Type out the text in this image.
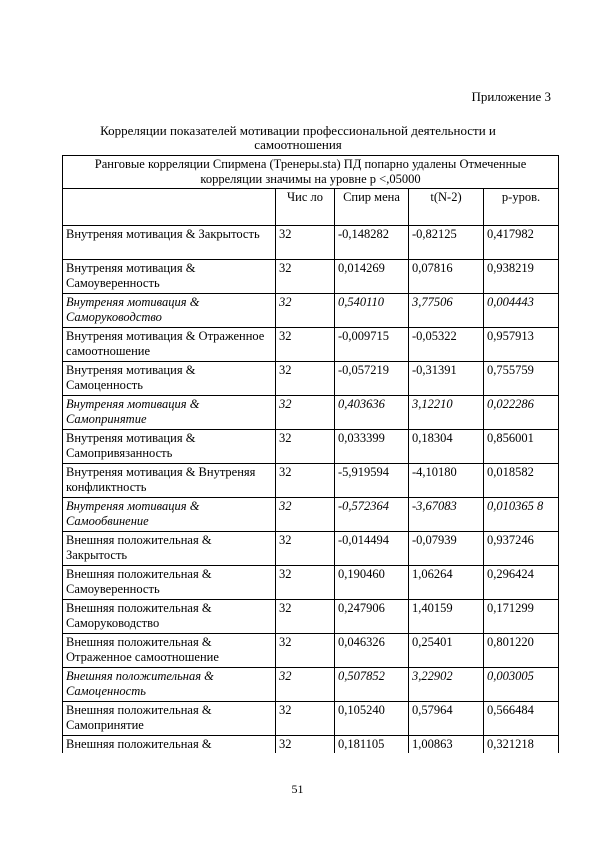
Приложение 3
Корреляции показателей мотивации профессиональной деятельности и самоотношения
Ранговые корреляции Спирмена (Тренеры.sta) ПД попарно удалены Отмеченные корреляции значимы на уровне p <,05000				
	Чис ло	Спир мена	t(N-2)	p-уров.
Внутреняя мотивация & Закрытость	32	-0,148282	-0,82125	0,417982
Внутреняя мотивация & Самоуверенность	32	0,014269	0,07816	0,938219
Внутреняя мотивация & Саморуководство	32	0,540110	3,77506	0,004443
Внутреняя мотивация & Отраженное самоотношение	32	-0,009715	-0,05322	0,957913
Внутреняя мотивация & Самоценность	32	-0,057219	-0,31391	0,755759
Внутреняя мотивация & Самопринятие	32	0,403636	3,12210	0,022286
Внутреняя мотивация & Самопривязанность	32	0,033399	0,18304	0,856001
Внутреняя мотивация & Внутреняя конфликтность	32	-5,919594	-4,10180	0,018582
Внутреняя мотивация & Самообвинение	32	-0,572364	-3,67083	0,010365 8
Внешняя положительная & Закрытость	32	-0,014494	-0,07939	0,937246
Внешняя положительная & Самоуверенность	32	0,190460	1,06264	0,296424
Внешняя положительная & Саморуководство	32	0,247906	1,40159	0,171299
Внешняя положительная & Отраженное самоотношение	32	0,046326	0,25401	0,801220
Внешняя положительная & Самоценность	32	0,507852	3,22902	0,003005
Внешняя положительная & Самопринятие	32	0,105240	0,57964	0,566484
Внешняя положительная &	32	0,181105	1,00863	0,321218
51
